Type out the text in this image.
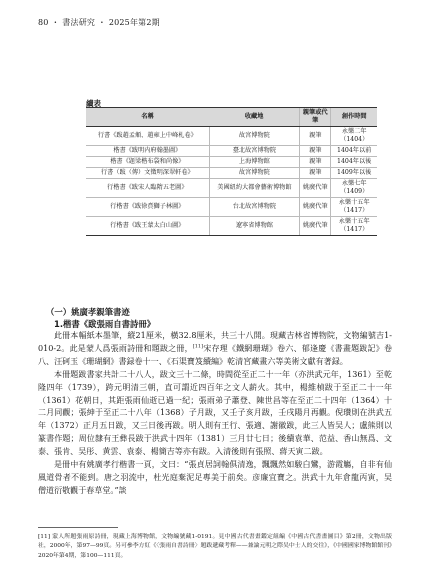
80 ・ 書法研究 ・ 2025年第2期
續表
名稱	收藏地	親筆或代筆	創作時間
行書《跋趙孟頫、趙雍上中峰札卷》	故宮博物院	親筆	永樂二年（1404）
楷書《跋明内府翰墨圖》	臺北故宮博物院	親筆	1404年以前
楷書《題梁楷布袋和尚像》	上海博物館	親筆	1404年以後
行書（跋（傳）文徵明深翠軒卷》	故宮博物院	親筆	1409年以後
行楷書《跋宋人臨隋五老圖》	美國紐約大都會藝術博物館	姚廣代筆	永樂七年（1409）
行楷書《跋徐賁獅子林圖》	台北故宮博物院	姚廣代筆	永樂十五年（1417）
行楷書《跋王蒙太白山圖》	遼寧省博物館	姚廣代筆	永樂十五年（1417）
（一）姚廣孝親筆書迹
1.楷書《跋張雨自書詩冊》

此冊本幅紙本墨筆，縱21厘米，橫32.8厘米，共三十八開。現藏吉林省博物院，文物編號吉1-010-2。此是蒙人爲張雨詩冊和題跋之冊，[11]宋存理《鐵網珊瑚》卷六、郁逢慶《書畫題跋記》卷八、汪砢玉《珊瑚網》書録卷十一、《石渠寶笈續編》乾清宮藏畫六等美術文獻有著録。

本冊題跋書家共計二十八人，跋文三十二條，時間從至正二十一年（亦洪武元年，1361）至乾隆四年（1739），跨元明清三朝，直可謂近四百年之文人薪火。其中，楊維楨跋于至正二十一年（1361）花朝日，其距張雨仙逝已過一紀；張雨弟子蕭登、陳世昌等在至正二十四年（1364）十二月同觀；張紳于至正二十八年（1368）子月跋，又壬子亥月跋，壬戌陽月再觀。倪瓚則在洪武五年（1372）正月五日跋，又三日後再跋。明人則有王行、張適、謝徽跋，此三人皆吴人；盧熊則以篆書作題；周位隸有王彝長跋于洪武十四年（1381）三月廿七日；後續袁華、范益、香山無爲、文泰、張肯、吴彤、黄雲、袁泰、楊簡吉等亦有跋。入清後則有張照、蔣天寅二跋。

是冊中有姚廣孝行楷書一頁，文曰：“張貞居詞翰俱清逸，飄飄然如駿白鸞，游霞觴，自非有仙風道骨者不能到。唐之羽流中，杜光庭棄泥足專美于前矣。彦廉宜寶之。洪武十九年倉龍丙寅，吴僧道衍敬觀于春草堂。”談

[11] 蒙人所題張雨原詩冊，現藏上海博物館，文物編號藏1-0191。見中國古代書畫鑑定組編《中國古代書畫圖目》第2冊，文物出版社，2000年，第97—99頁。另可參李方紅《〈張雨自書詩冊〉題跋遞藏考釋——兼論元明之際吴中士人的交往》，《中國國家博物館館刊》2020年第4期，第100—111頁。
